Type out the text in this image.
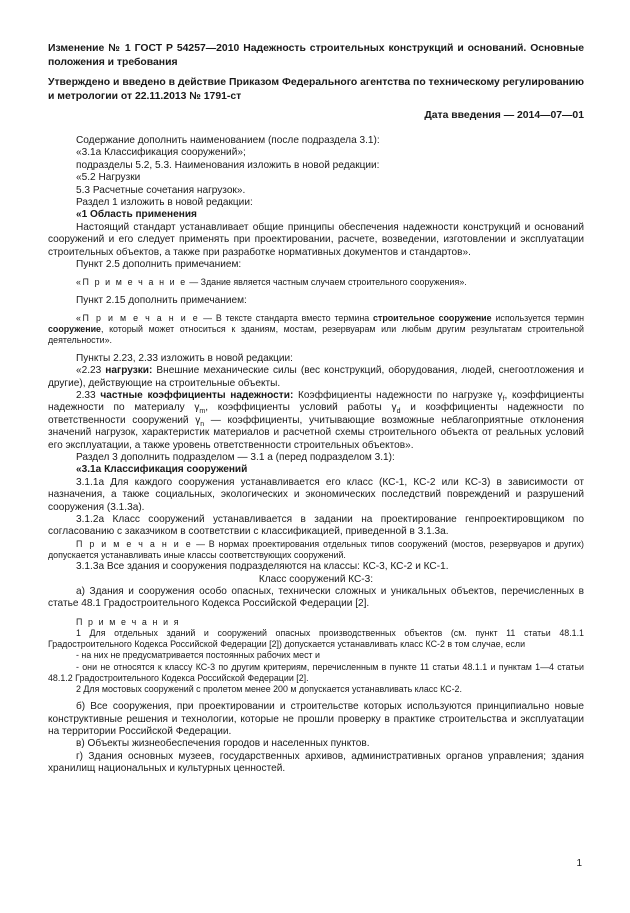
Изменение № 1 ГОСТ Р 54257—2010 Надежность строительных конструкций и оснований. Основные положения и требования
Утверждено и введено в действие Приказом Федерального агентства по техническому регулированию и метрологии от 22.11.2013 № 1791-ст
Дата введения — 2014—07—01

Содержание дополнить наименованием (после подраздела 3.1):

«3.1а Классификация сооружений»;

подразделы 5.2, 5.3. Наименования изложить в новой редакции:

«5.2 Нагрузки

5.3 Расчетные сочетания нагрузок».

Раздел 1 изложить в новой редакции:

«1 Область применения

Настоящий стандарт устанавливает общие принципы обеспечения надежности конструкций и оснований сооружений и его следует применять при проектировании, расчете, возведении, изготовлении и эксплуатации строительных объектов, а также при разработке нормативных документов и стандартов».

Пункт 2.5 дополнить примечанием:

«П р и м е ч а н и е — Здание является частным случаем строительного сооружения».

Пункт 2.15 дополнить примечанием:

«П р и м е ч а н и е — В тексте стандарта вместо термина строительное сооружение используется термин сооружение, который может относиться к зданиям, мостам, резервуарам или любым другим результатам строительной деятельности».

Пункты 2.23, 2.33 изложить в новой редакции:

«2.23 нагрузки: Внешние механические силы (вес конструкций, оборудования, людей, снегоотложения и другие), действующие на строительные объекты.

2.33 частные коэффициенты надежности: Коэффициенты надежности по нагрузке $\gamma_f$, коэффициенты надежности по материалу $\gamma_m$, коэффициенты условий работы $\gamma_d$ и коэффициенты надежности по ответственности сооружений $\gamma_n$ — коэффициенты, учитывающие возможные неблагоприятные отклонения значений нагрузок, характеристик материалов и расчетной схемы строительного объекта от реальных условий его эксплуатации, а также уровень ответственности строительных объектов».

Раздел 3 дополнить подразделом — 3.1 а (перед подразделом 3.1):

«3.1а Классификация сооружений

3.1.1а Для каждого сооружения устанавливается его класс (КС-1, КС-2 или КС-3) в зависимости от назначения, а также социальных, экологических и экономических последствий повреждений и разрушений сооружения (3.1.3а).

3.1.2а Класс сооружений устанавливается в задании на проектирование генпроектировщиком по согласованию с заказчиком в соответствии с классификацией, приведенной в 3.1.3а.

П р и м е ч а н и е — В нормах проектирования отдельных типов сооружений (мостов, резервуаров и других) допускается устанавливать иные классы соответствующих сооружений.

3.1.3а Все здания и сооружения подразделяются на классы: КС-3, КС-2 и КС-1.

Класс сооружений КС-3:

а) Здания и сооружения особо опасных, технически сложных и уникальных объектов, перечисленных в статье 48.1 Градостроительного Кодекса Российской Федерации [2].

П р и м е ч а н и я

1 Для отдельных зданий и сооружений опасных производственных объектов (см. пункт 11 статьи 48.1.1 Градостроительного Кодекса Российской Федерации [2]) допускается устанавливать класс КС-2 в том случае, если

- на них не предусматривается постоянных рабочих мест и

- они не относятся к классу КС-3 по другим критериям, перечисленным в пункте 11 статьи 48.1.1 и пунктам 1—4 статьи 48.1.2 Градостроительного Кодекса Российской Федерации [2].

2 Для мостовых сооружений с пролетом менее 200 м допускается устанавливать класс КС-2.

б) Все сооружения, при проектировании и строительстве которых используются принципиально новые конструктивные решения и технологии, которые не прошли проверку в практике строительства и эксплуатации на территории Российской Федерации.

в) Объекты жизнеобеспечения городов и населенных пунктов.

г) Здания основных музеев, государственных архивов, административных органов управления; здания хранилищ национальных и культурных ценностей.

1
